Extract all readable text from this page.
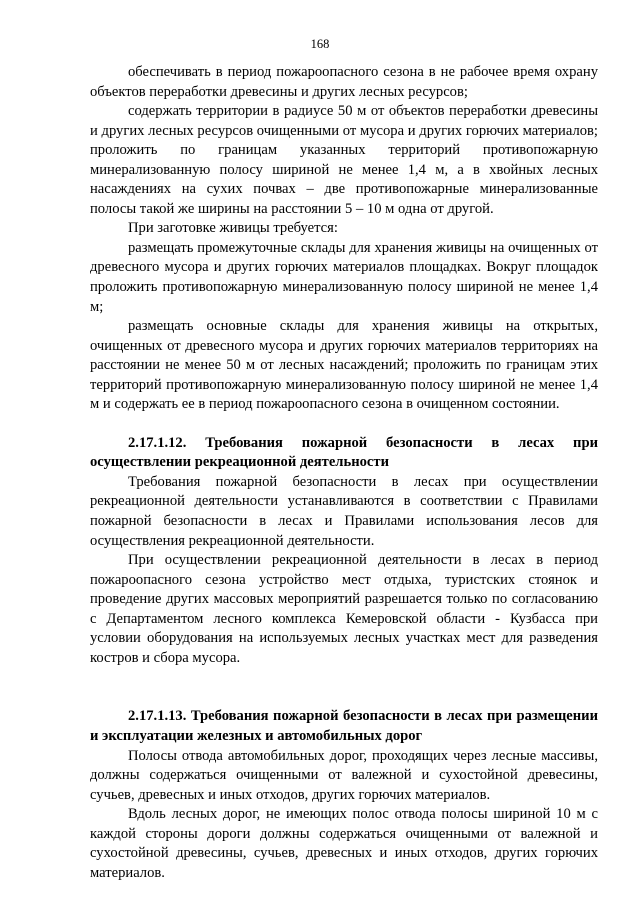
168

обеспечивать в период пожароопасного сезона в не рабочее время охрану объектов переработки древесины и других лесных ресурсов;

содержать территории в радиусе 50 м от объектов переработки древесины и других лесных ресурсов очищенными от мусора и других горючих материалов; проложить по границам указанных территорий противопожарную минерализованную полосу шириной не менее 1,4 м, а в хвойных лесных насаждениях на сухих почвах – две противопожарные минерализованные полосы такой же ширины на расстоянии 5 – 10 м одна от другой.

При заготовке живицы требуется:

размещать промежуточные склады для хранения живицы на очищенных от древесного мусора и других горючих материалов площадках. Вокруг площадок проложить противопожарную минерализованную полосу шириной не менее 1,4 м;

размещать основные склады для хранения живицы на открытых, очищенных от древесного мусора и других горючих материалов территориях на расстоянии не менее 50 м от лесных насаждений; проложить по границам этих территорий противопожарную минерализованную полосу шириной не менее 1,4 м и содержать ее в период пожароопасного сезона в очищенном состоянии.

2.17.1.12. Требования пожарной безопасности в лесах при осуществлении рекреационной деятельности

Требования пожарной безопасности в лесах при осуществлении рекреационной деятельности устанавливаются в соответствии с Правилами пожарной безопасности в лесах и Правилами использования лесов для осуществления рекреационной деятельности.

При осуществлении рекреационной деятельности в лесах в период пожароопасного сезона устройство мест отдыха, туристских стоянок и проведение других массовых мероприятий разрешается только по согласованию с Департаментом лесного комплекса Кемеровской области - Кузбасса при условии оборудования на используемых лесных участках мест для разведения костров и сбора мусора.

2.17.1.13. Требования пожарной безопасности в лесах при размещении и эксплуатации железных и автомобильных дорог

Полосы отвода автомобильных дорог, проходящих через лесные массивы, должны содержаться очищенными от валежной и сухостойной древесины, сучьев, древесных и иных отходов, других горючих материалов.

Вдоль лесных дорог, не имеющих полос отвода полосы шириной 10 м с каждой стороны дороги должны содержаться очищенными от валежной и сухостойной древесины, сучьев, древесных и иных отходов, других горючих материалов.
